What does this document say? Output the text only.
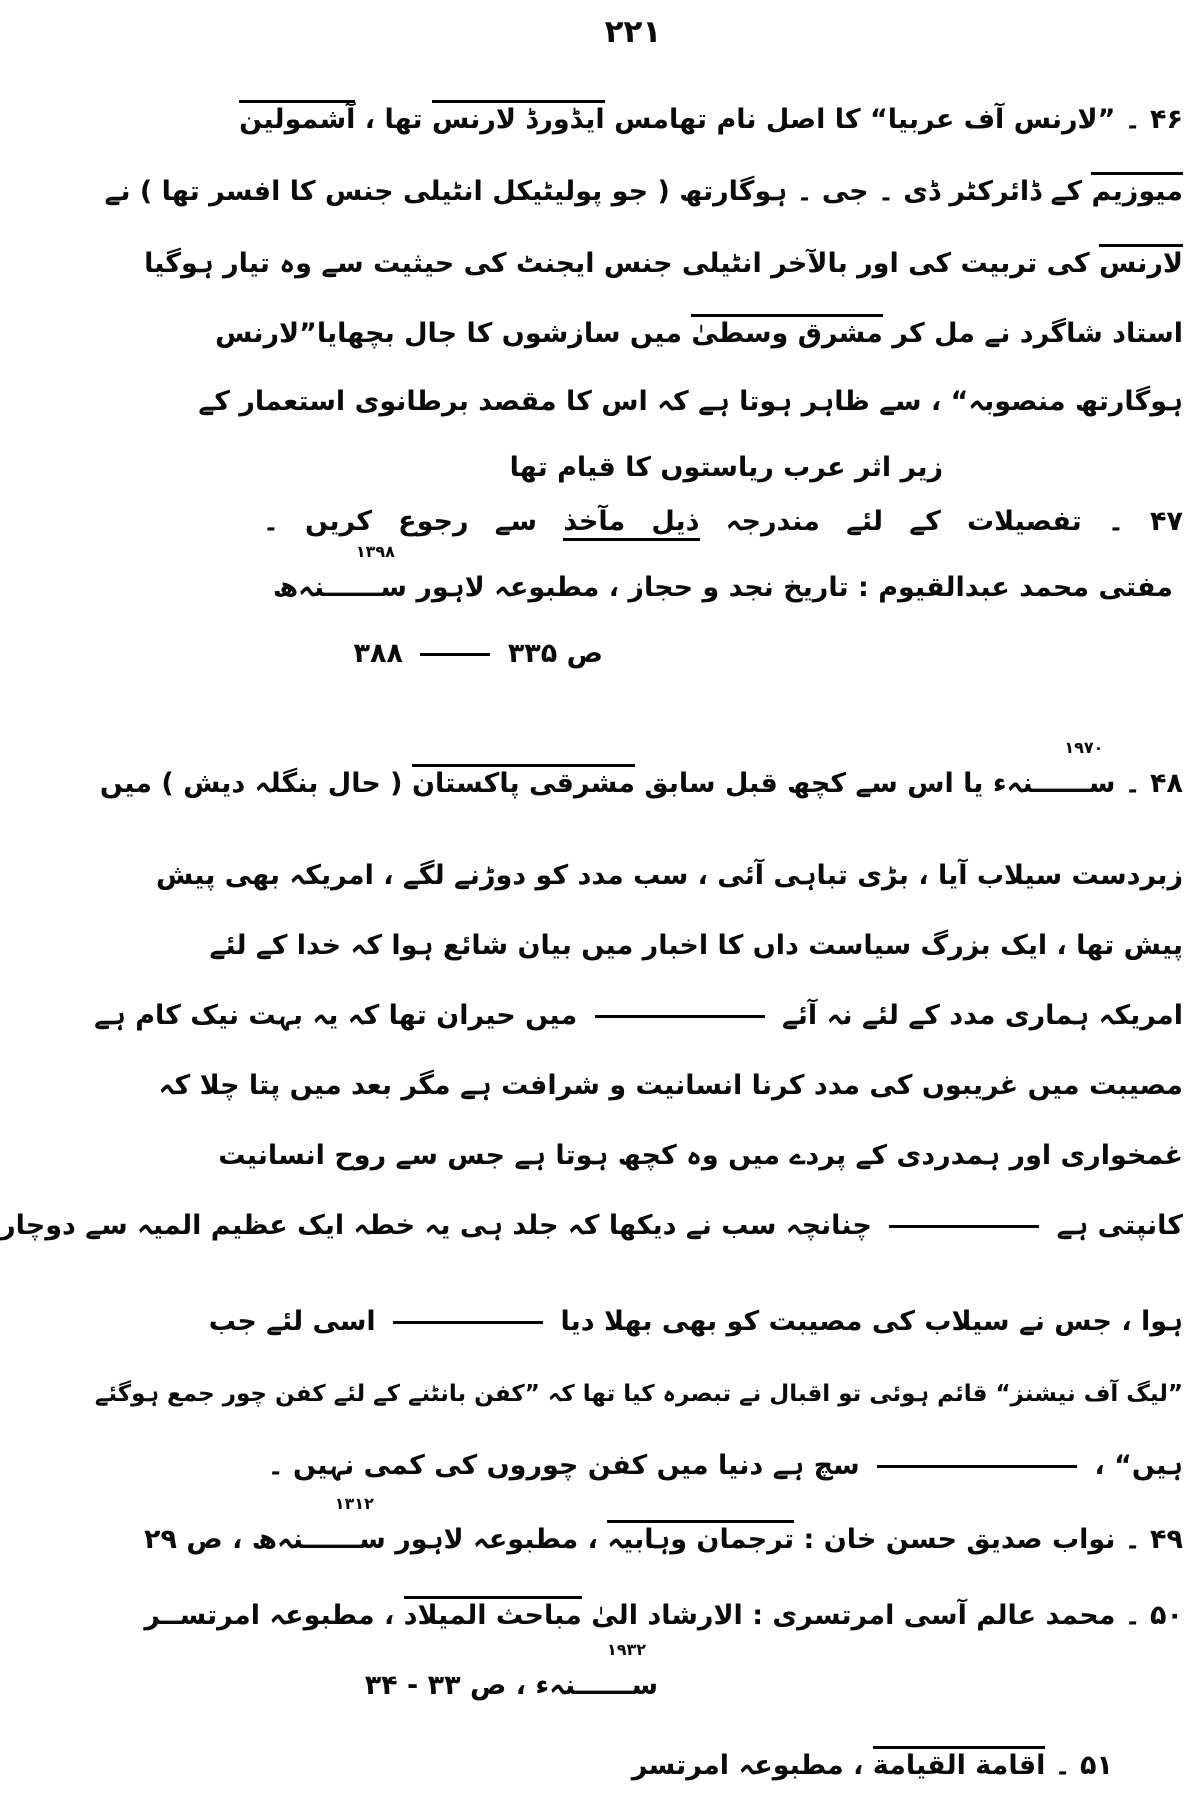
۲۲۱
۴۶ ۔ ”لارنس آف عربیا“ کا اصل نام تھامس ایڈورڈ لارنس تھا ، آشمولین
میوزیم کے ڈائرکٹر ڈی ۔ جی ۔ ہوگارتھ ( جو پولیٹیکل انٹیلی جنس کا افسر تھا ) نے
لارنس کی تربیت کی اور بالآخر انٹیلی جنس ایجنٹ کی حیثیت سے وہ تیار ہوگیا
استاد شاگرد نے مل کر مشرق وسطیٰ میں سازشوں کا جال بچھایا
”لارنس
ہوگارتھ منصوبہ“ ، سے ظاہر ہوتا ہے کہ اس کا مقصد برطانوی استعمار کے
زیر اثر عرب ریاستوں کا قیام تھا
۴۷ ۔ تفصیلات کے لئے مندرجہ ذیل مآخذ سے رجوع کریں ۔
مفتی محمد عبدالقیوم : تاریخ نجد و حجاز ، مطبوعہ لاہور
۱۳۹۸
ســــــنہھ
ص ۳۳۵  ۳۸۸
۴۸ ۔
۱۹۷۰
ســــــنہء یا اس سے کچھ قبل سابق مشرقی پاکستان ( حال بنگلہ دیش ) میں
زبردست سیلاب آیا ، بڑی تباہی آئی ، سب مدد کو دوڑنے لگے ، امریکہ بھی پیش
پیش تھا ، ایک بزرگ سیاست داں کا اخبار میں بیان شائع ہوا کہ خدا کے لئے
امریکہ ہماری مدد کے لئے نہ آئے  میں حیران تھا کہ یہ بہت نیک کام ہے
مصیبت میں غریبوں کی مدد کرنا انسانیت و شرافت ہے مگر بعد میں پتا چلا کہ
غمخواری اور ہمدردی کے پردے میں وہ کچھ ہوتا ہے جس سے روح انسانیت
کانپتی ہے  چنانچہ سب نے دیکھا کہ جلد ہی یہ خطہ ایک عظیم المیہ سے دوچار
ہوا ، جس نے سیلاب کی مصیبت کو بھی بھلا دیا  اسی لئے جب
”لیگ آف نیشنز“ قائم ہوئی تو اقبال نے تبصرہ کیا تھا کہ ”کفن بانٹنے کے لئے کفن چور جمع ہوگئے
ہیں“ ،  سچ ہے دنیا میں کفن چوروں کی کمی نہیں ۔
۴۹ ۔ نواب صدیق حسن خان : ترجمان وہابیہ ، مطبوعہ لاہور
۱۳۱۲
ســــــنہھ ، ص ۲۹
۵۰ ۔ محمد عالم آسی امرتسری : الارشاد الیٰ مباحث المیلاد ، مطبوعہ امرتســر
۱۹۳۲
ســــــنہء ، ص ۳۳ - ۳۴
۵۱ ۔ اقامة القيامة ، مطبوعہ امرتسر
